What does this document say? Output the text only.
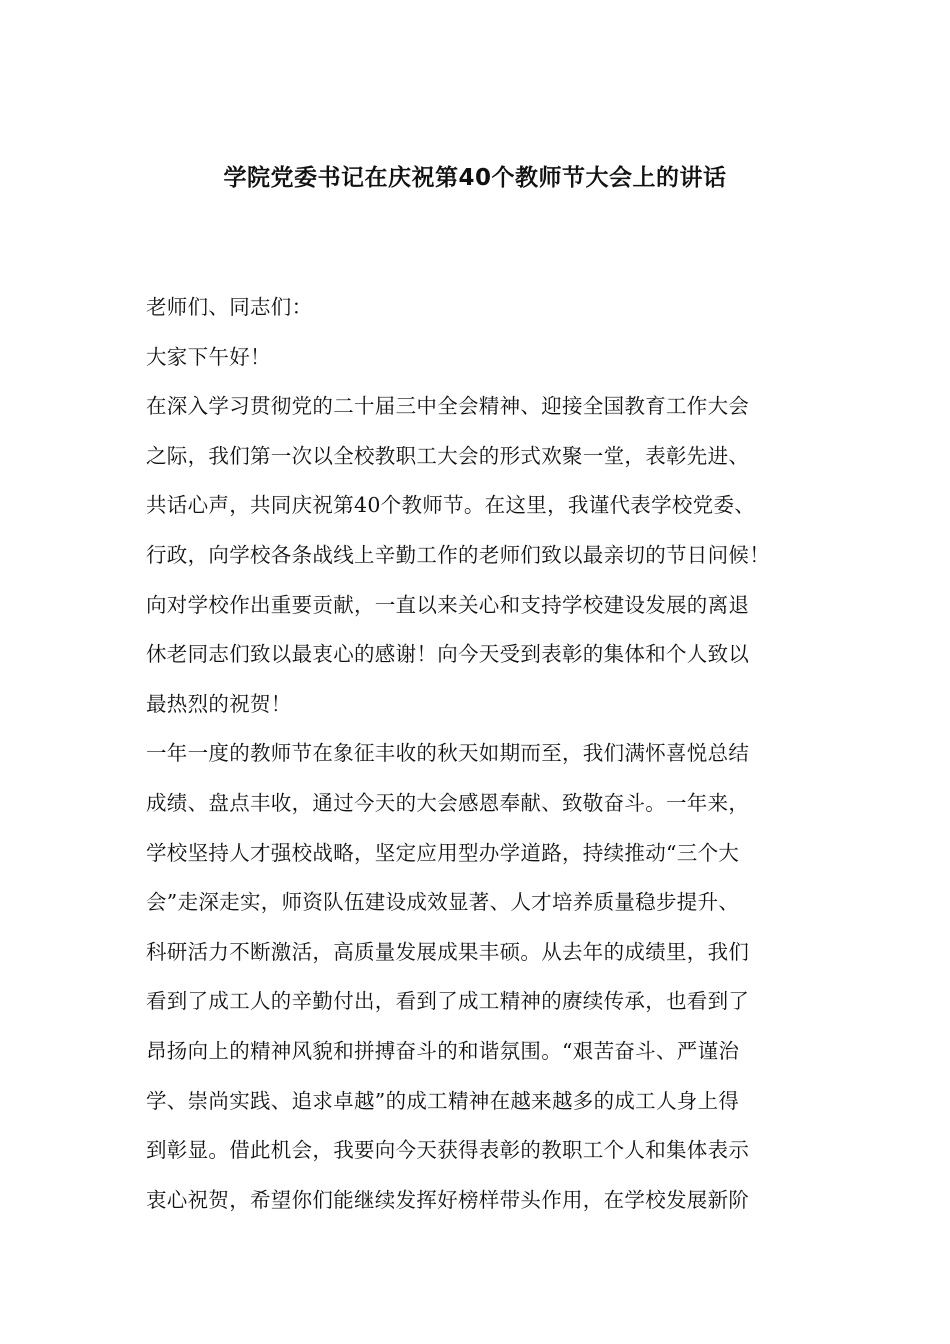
学院党委书记在庆祝第40个教师节大会上的讲话
老师们、同志们：
大家下午好！
在深入学习贯彻党的二十届三中全会精神、迎接全国教育工作大会
之际，我们第一次以全校教职工大会的形式欢聚一堂，表彰先进、
共话心声，共同庆祝第40个教师节。在这里，我谨代表学校党委、
行政，向学校各条战线上辛勤工作的老师们致以最亲切的节日问候！
向对学校作出重要贡献，一直以来关心和支持学校建设发展的离退
休老同志们致以最衷心的感谢！向今天受到表彰的集体和个人致以
最热烈的祝贺！
一年一度的教师节在象征丰收的秋天如期而至，我们满怀喜悦总结
成绩、盘点丰收，通过今天的大会感恩奉献、致敬奋斗。一年来，
学校坚持人才强校战略，坚定应用型办学道路，持续推动“三个大
会”走深走实，师资队伍建设成效显著、人才培养质量稳步提升、
科研活力不断激活，高质量发展成果丰硕。从去年的成绩里，我们
看到了成工人的辛勤付出，看到了成工精神的赓续传承，也看到了
昂扬向上的精神风貌和拼搏奋斗的和谐氛围。“艰苦奋斗、严谨治
学、崇尚实践、追求卓越”的成工精神在越来越多的成工人身上得
到彰显。借此机会，我要向今天获得表彰的教职工个人和集体表示
衷心祝贺，希望你们能继续发挥好榜样带头作用，在学校发展新阶
